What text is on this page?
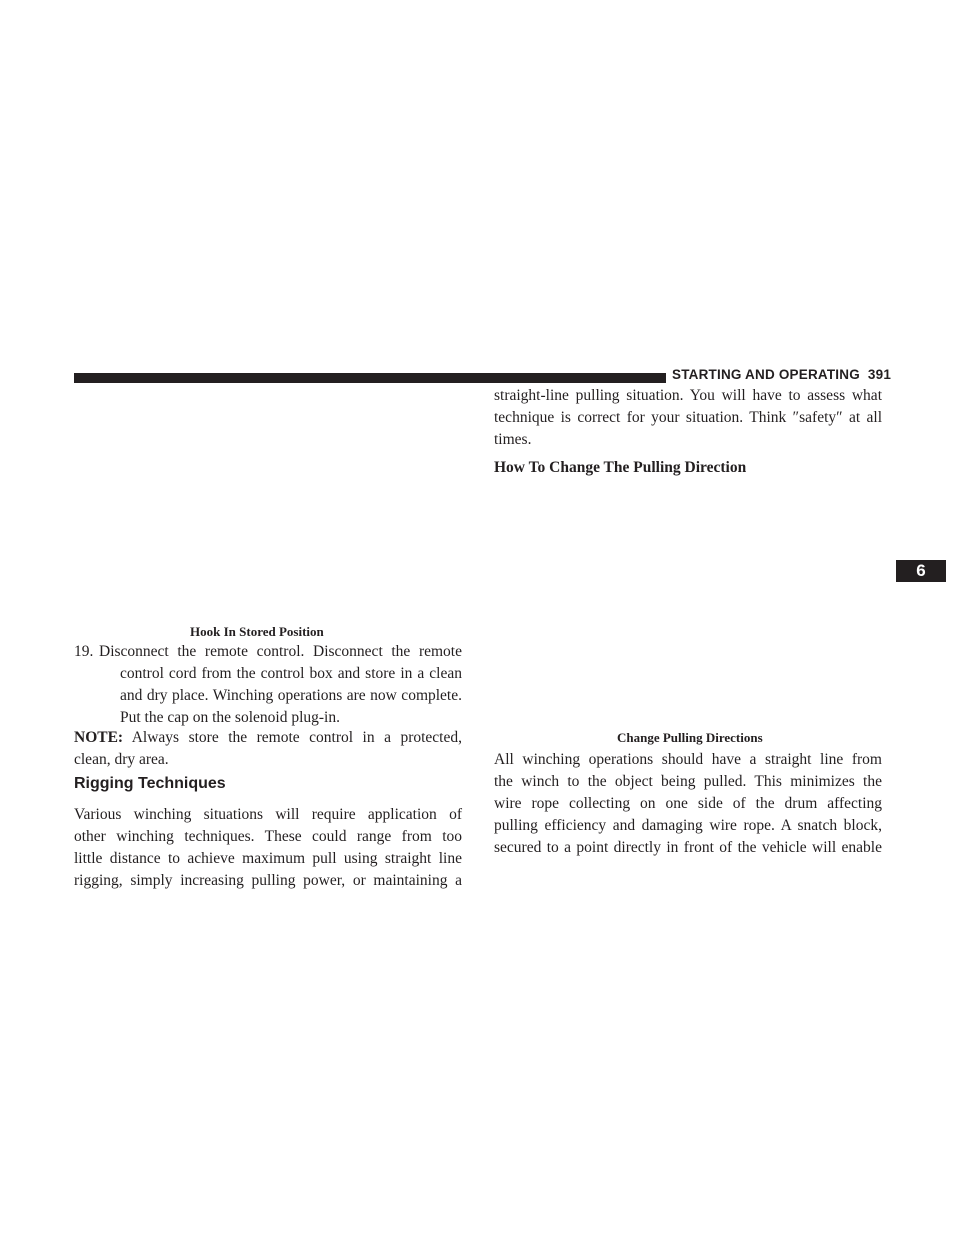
STARTING AND OPERATING 391
6
Hook In Stored Position
19. Disconnect the remote control. Disconnect the remote
control cord from the control box and store in a clean
and dry place. Winching operations are now complete.
Put the cap on the solenoid plug-in.
NOTE: Always store the remote control in a protected,
clean, dry area.
Rigging Techniques
Various winching situations will require application of
other winching techniques. These could range from too
little distance to achieve maximum pull using straight line
rigging, simply increasing pulling power, or maintaining a
straight-line pulling situation. You will have to assess what
technique is correct for your situation. Think ″safety″ at all
times.
How To Change The Pulling Direction
Change Pulling Directions
All winching operations should have a straight line from
the winch to the object being pulled. This minimizes the
wire rope collecting on one side of the drum affecting
pulling efficiency and damaging wire rope. A snatch block,
secured to a point directly in front of the vehicle will enable
